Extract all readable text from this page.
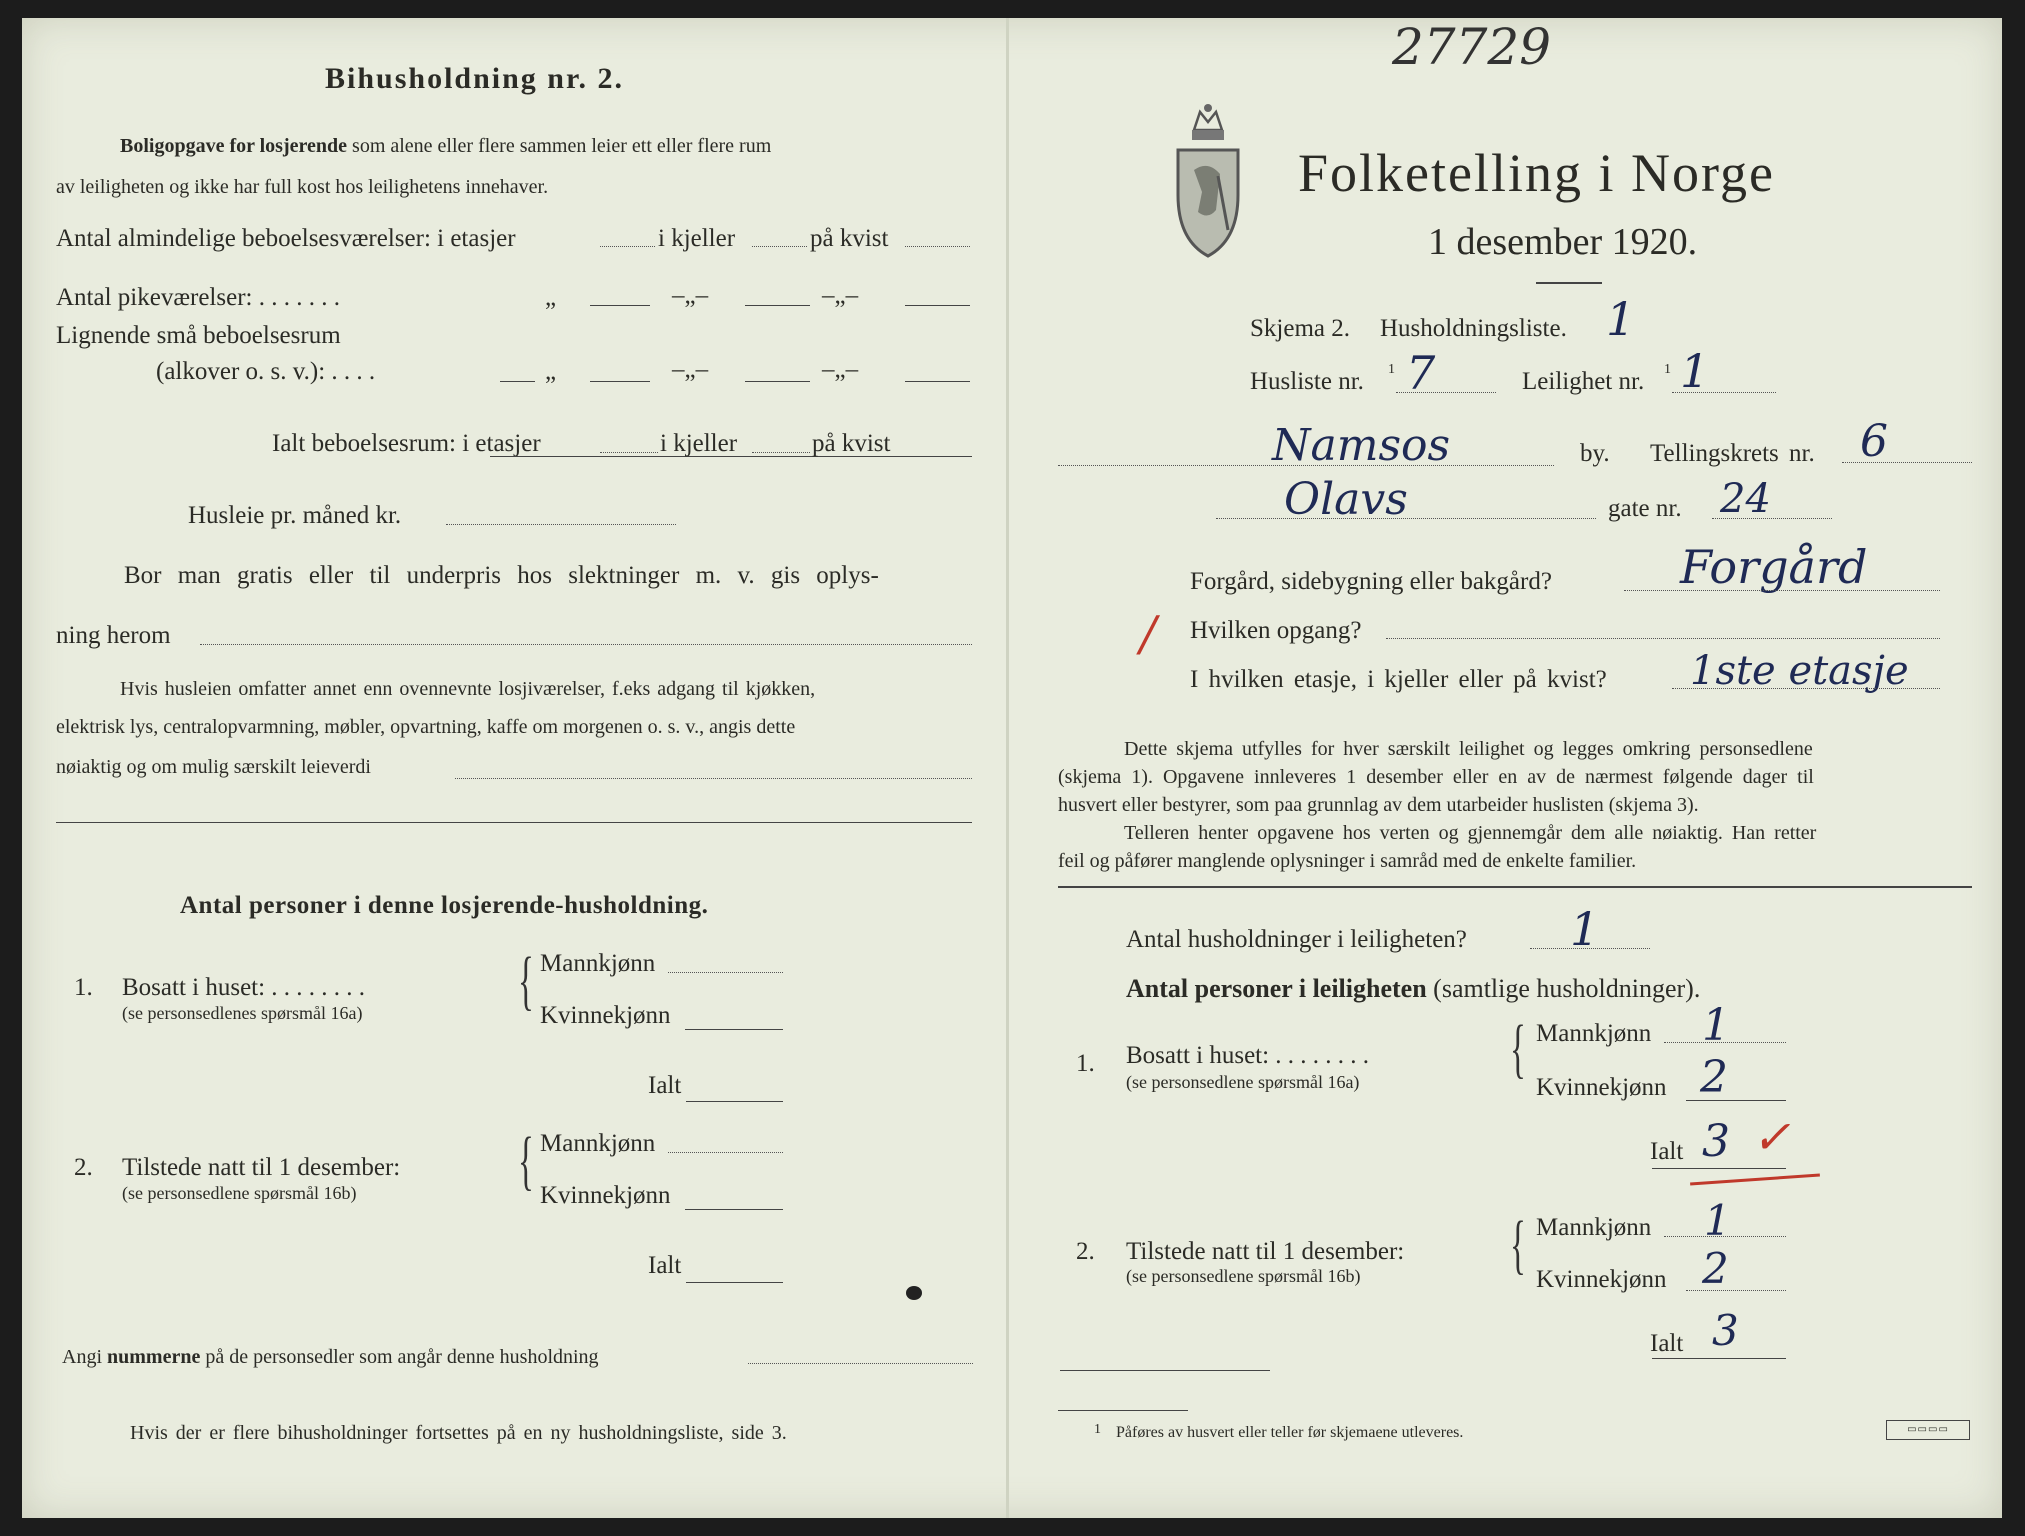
27729
Bihusholdning nr. 2.
Boligopgave for losjerende som alene eller flere sammen leier ett eller flere rum
av leiligheten og ikke har full kost hos leilighetens innehaver.
Antal almindelige beboelsesværelser: i etasjer	i kjeller	på kvist
Antal pikeværelser: . . . . . . .	„	–„–	–„–
Lignende små beboelsesrum
(alkover o. s. v.): . . . .	„	–„–	–„–
Ialt beboelsesrum: i etasjer	i kjeller	på kvist
Husleie pr. måned kr.
Bor man gratis eller til underpris hos slektninger m. v. gis oplys-
ning herom
Hvis husleien omfatter annet enn ovennevnte losjiværelser, f.eks adgang til kjøkken,
elektrisk lys, centralopvarmning, møbler, opvartning, kaffe om morgenen o. s. v., angis dette
nøiaktig og om mulig særskilt leieverdi
Antal personer i denne losjerende-husholdning.
1. Bosatt i huset: . . . . . . . .
(se personsedlenes spørsmål 16a) { Mannkjønn
Kvinnekjønn
Ialt
2. Tilstede natt til 1 desember:
(se personsedlene spørsmål 16b) { Mannkjønn
Kvinnekjønn
Ialt
Angi nummerne på de personsedler som angår denne husholdning
Hvis der er flere bihusholdninger fortsettes på en ny husholdningsliste, side 3.
Folketelling i Norge
1 desember 1920.
Skjema 2. Husholdningsliste. 1
Husliste nr. 1 7	Leilighet nr. 1 1
Namsos	by. Tellingskrets nr. 6
Olavs	gate nr. 24
Forgård, sidebygning eller bakgård?	Forgård
/ Hvilken opgang?
I hvilken etasje, i kjeller eller på kvist? 1ste etasje
Dette skjema utfylles for hver særskilt leilighet og legges omkring personsedlene
(skjema 1). Opgavene innleveres 1 desember eller en av de nærmest følgende dager til
husvert eller bestyrer, som paa grunnlag av dem utarbeider huslisten (skjema 3).
Telleren henter opgavene hos verten og gjennemgår dem alle nøiaktig. Han retter
feil og påfører manglende oplysninger i samråd med de enkelte familier.
Antal husholdninger i leiligheten? 1
Antal personer i leiligheten (samtlige husholdninger).
1. Bosatt i huset: . . . . . . . .
(se personsedlene spørsmål 16a) { Mannkjønn 1
Kvinnekjønn 2
Ialt 3 ✓
2. Tilstede natt til 1 desember:
(se personsedlene spørsmål 16b) { Mannkjønn 1
Kvinnekjønn 2
Ialt 3
1 Påføres av husvert eller teller før skjemaene utleveres.	▭▭▭▭
